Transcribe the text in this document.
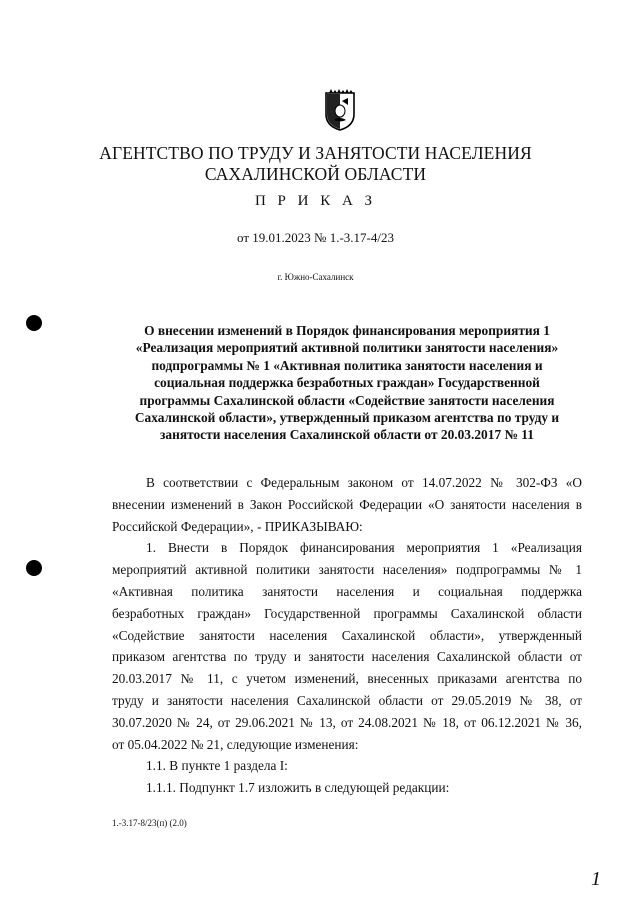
АГЕНТСТВО ПО ТРУДУ И ЗАНЯТОСТИ НАСЕЛЕНИЯ
САХАЛИНСКОЙ ОБЛАСТИ
П Р И К А З
от 19.01.2023 № 1.-3.17-4/23
г. Южно-Сахалинск
О внесении изменений в Порядок финансирования мероприятия 1
«Реализация мероприятий активной политики занятости населения»
подпрограммы № 1 «Активная политика занятости населения и
социальная поддержка безработных граждан» Государственной
программы Сахалинской области «Содействие занятости населения
Сахалинской области», утвержденный приказом агентства по труду и
занятости населения Сахалинской области от 20.03.2017 № 11
В соответствии с Федеральным законом от 14.07.2022 № 302-ФЗ «О
внесении изменений в Закон Российской Федерации «О занятости населения в
Российской Федерации», - ПРИКАЗЫВАЮ:
1. Внести в Порядок финансирования мероприятия 1 «Реализация
мероприятий активной политики занятости населения» подпрограммы № 1
«Активная политика занятости населения и социальная поддержка
безработных граждан» Государственной программы Сахалинской области
«Содействие занятости населения Сахалинской области», утвержденный
приказом агентства по труду и занятости населения Сахалинской области от
20.03.2017 № 11, с учетом изменений, внесенных приказами агентства по
труду и занятости населения Сахалинской области от 29.05.2019 № 38, от
30.07.2020 № 24, от 29.06.2021 № 13, от 24.08.2021 № 18, от 06.12.2021 № 36,
от 05.04.2022 № 21, следующие изменения:
1.1. В пункте 1 раздела I:
1.1.1. Подпункт 1.7 изложить в следующей редакции:
1.-3.17-8/23(п) (2.0)
1
